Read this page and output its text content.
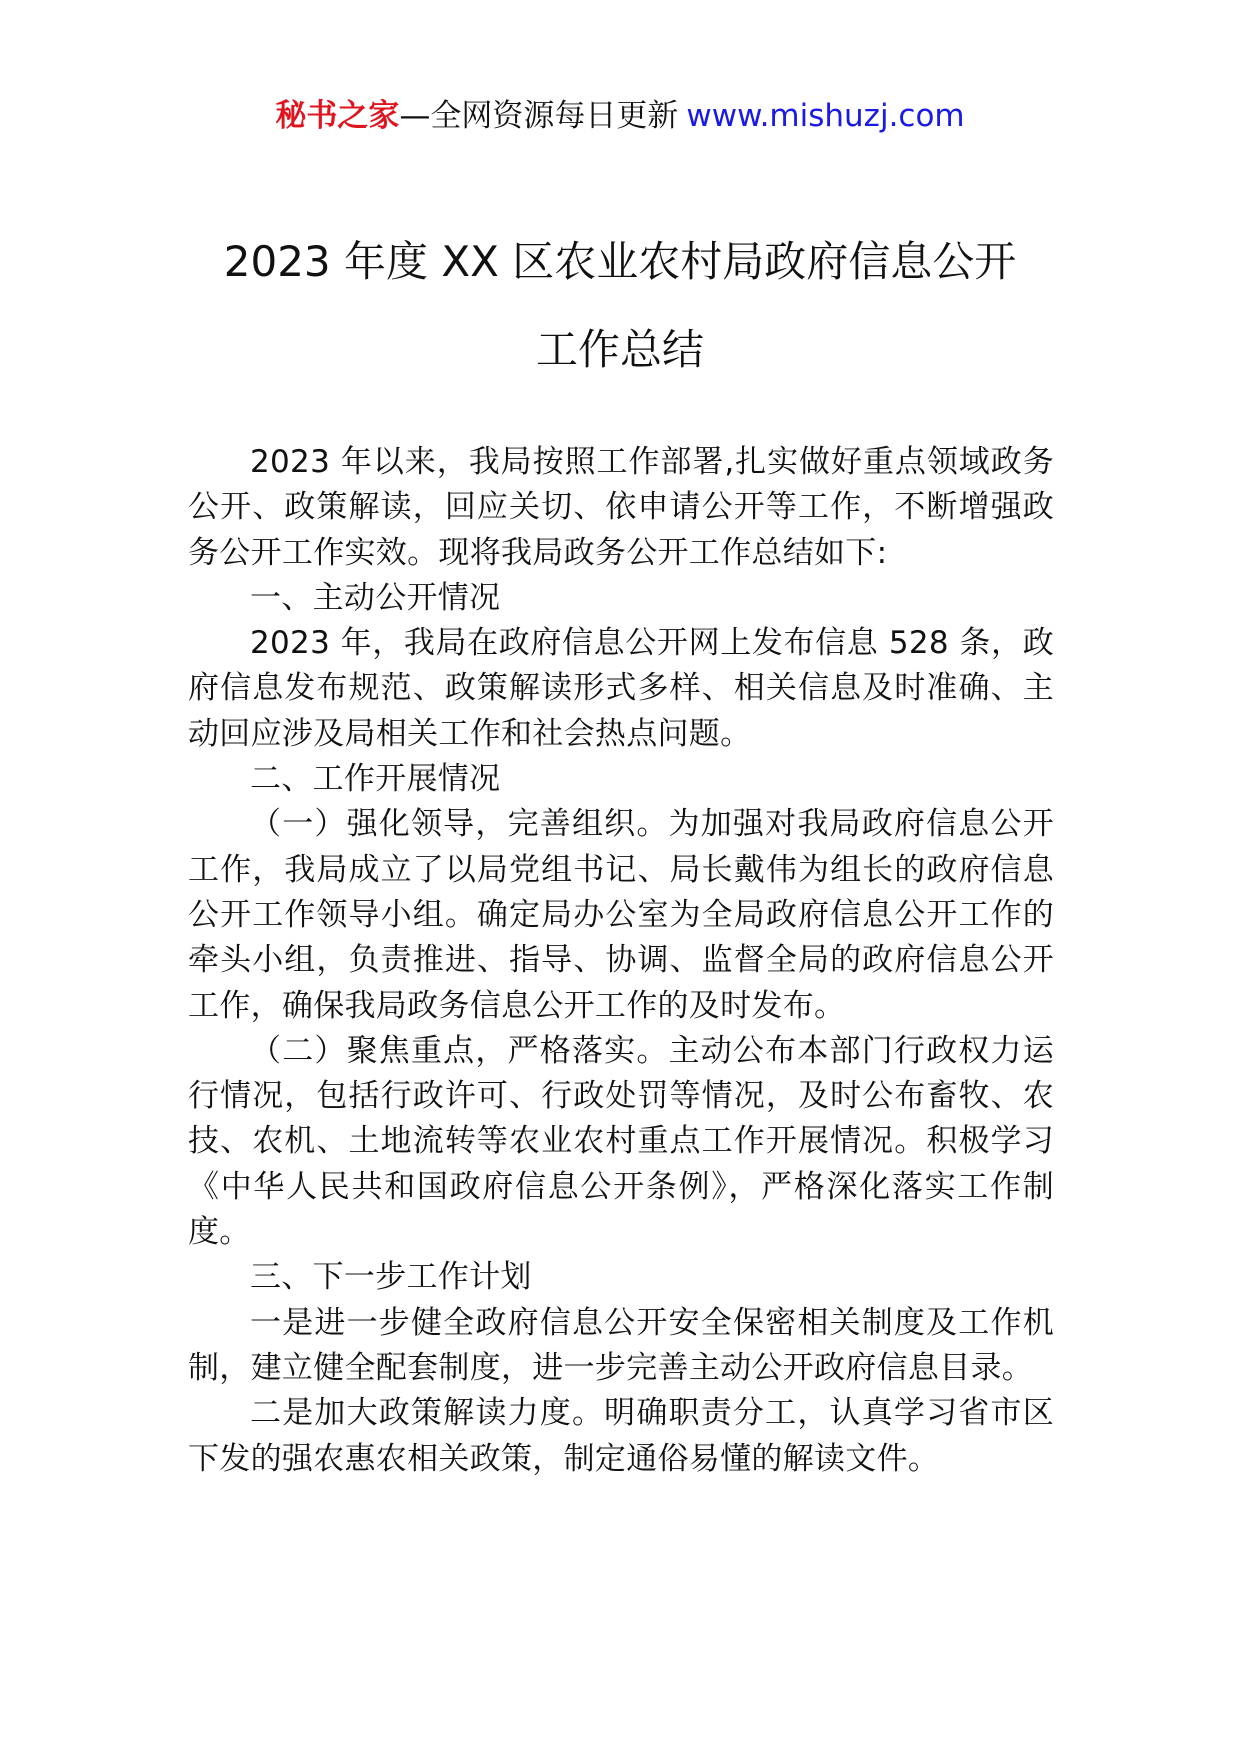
秘书之家—全网资源每日更新 www.mishuzj.com
2023 年度 XX 区农业农村局政府信息公开
工作总结

2023 年以来，我局按照工作部署,扎实做好重点领域政务公开、政策解读，回应关切、依申请公开等工作，不断增强政务公开工作实效。现将我局政务公开工作总结如下:

一、主动公开情况

2023 年，我局在政府信息公开网上发布信息 528 条，政府信息发布规范、政策解读形式多样、相关信息及时准确、主动回应涉及局相关工作和社会热点问题。

二、工作开展情况

（一）强化领导，完善组织。为加强对我局政府信息公开工作，我局成立了以局党组书记、局长戴伟为组长的政府信息公开工作领导小组。确定局办公室为全局政府信息公开工作的牵头小组，负责推进、指导、协调、监督全局的政府信息公开工作，确保我局政务信息公开工作的及时发布。

（二）聚焦重点，严格落实。主动公布本部门行政权力运行情况，包括行政许可、行政处罚等情况，及时公布畜牧、农技、农机、土地流转等农业农村重点工作开展情况。积极学习《中华人民共和国政府信息公开条例》，严格深化落实工作制度。

三、下一步工作计划

一是进一步健全政府信息公开安全保密相关制度及工作机制，建立健全配套制度，进一步完善主动公开政府信息目录。

二是加大政策解读力度。明确职责分工，认真学习省市区下发的强农惠农相关政策，制定通俗易懂的解读文件。
